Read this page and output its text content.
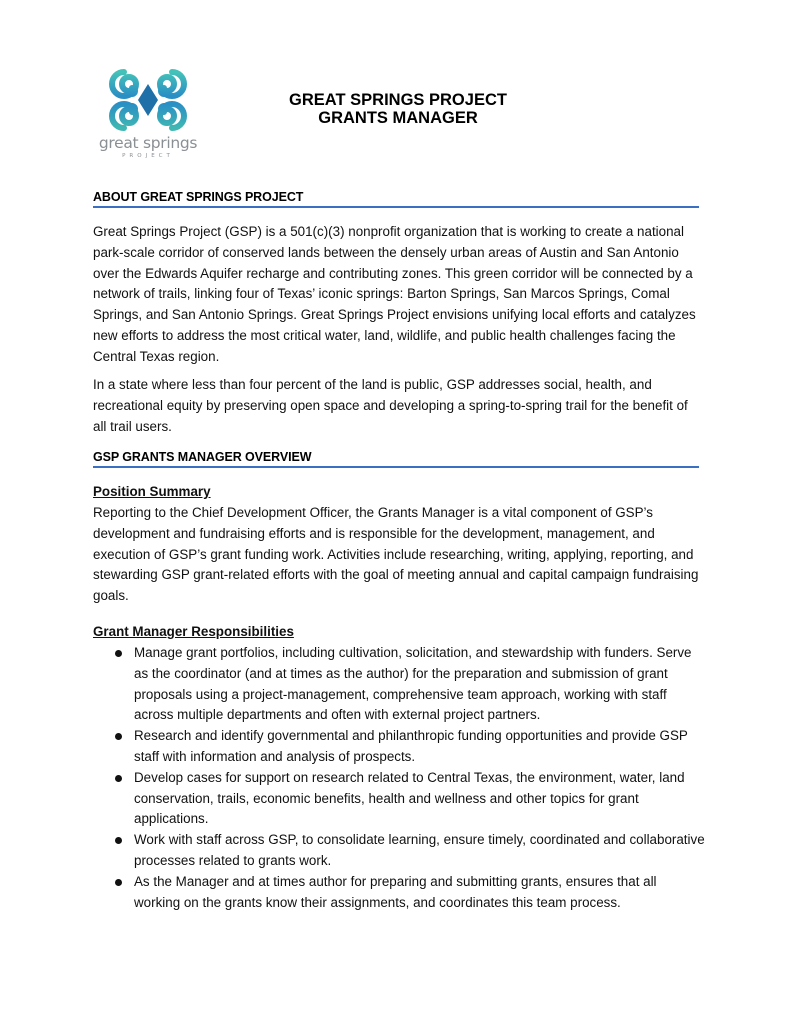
great springs
PROJECT
GREAT SPRINGS PROJECT
GRANTS MANAGER
ABOUT GREAT SPRINGS PROJECT

Great Springs Project (GSP) is a 501(c)(3) nonprofit organization that is working to create a national park-scale corridor of conserved lands between the densely urban areas of Austin and San Antonio over the Edwards Aquifer recharge and contributing zones. This green corridor will be connected by a network of trails, linking four of Texas’ iconic springs: Barton Springs, San Marcos Springs, Comal Springs, and San Antonio Springs. Great Springs Project envisions unifying local efforts and catalyzes new efforts to address the most critical water, land, wildlife, and public health challenges facing the Central Texas region.

In a state where less than four percent of the land is public, GSP addresses social, health, and recreational equity by preserving open space and developing a spring-to-spring trail for the benefit of all trail users.

GSP GRANTS MANAGER OVERVIEW
Position Summary

Reporting to the Chief Development Officer, the Grants Manager is a vital component of GSP’s development and fundraising efforts and is responsible for the development, management, and execution of GSP’s grant funding work. Activities include researching, writing, applying, reporting, and stewarding GSP grant-related efforts with the goal of meeting annual and capital campaign fundraising goals.

Grant Manager Responsibilities
Manage grant portfolios, including cultivation, solicitation, and stewardship with funders. Serve as the coordinator (and at times as the author) for the preparation and submission of grant proposals using a project-management, comprehensive team approach, working with staff across multiple departments and often with external project partners.
Research and identify governmental and philanthropic funding opportunities and provide GSP staff with information and analysis of prospects.
Develop cases for support on research related to Central Texas, the environment, water, land conservation, trails, economic benefits, health and wellness and other topics for grant applications.
Work with staff across GSP, to consolidate learning, ensure timely, coordinated and collaborative processes related to grants work.
As the Manager and at times author for preparing and submitting grants, ensures that all working on the grants know their assignments, and coordinates this team process.
